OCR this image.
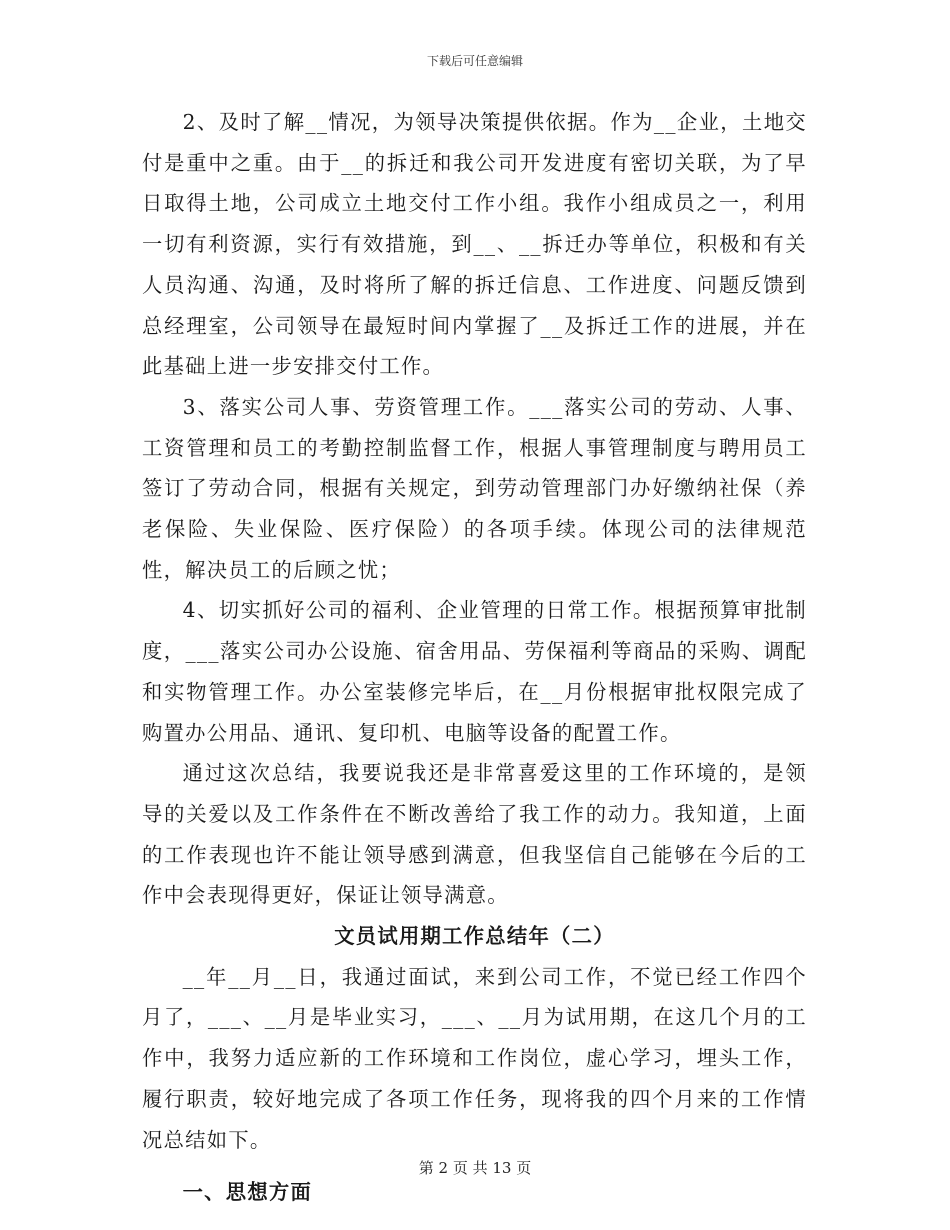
下载后可任意编辑

2、及时了解__情况，为领导决策提供依据。作为__企业，土地交付是重中之重。由于__的拆迁和我公司开发进度有密切关联，为了早日取得土地，公司成立土地交付工作小组。我作小组成员之一，利用一切有利资源，实行有效措施，到__、__拆迁办等单位，积极和有关人员沟通、沟通，及时将所了解的拆迁信息、工作进度、问题反馈到总经理室，公司领导在最短时间内掌握了__及拆迁工作的进展，并在此基础上进一步安排交付工作。

3、落实公司人事、劳资管理工作。___落实公司的劳动、人事、工资管理和员工的考勤控制监督工作，根据人事管理制度与聘用员工签订了劳动合同，根据有关规定，到劳动管理部门办好缴纳社保（养老保险、失业保险、医疗保险）的各项手续。体现公司的法律规范性，解决员工的后顾之忧；

4、切实抓好公司的福利、企业管理的日常工作。根据预算审批制度，___落实公司办公设施、宿舍用品、劳保福利等商品的采购、调配和实物管理工作。办公室装修完毕后，在__月份根据审批权限完成了购置办公用品、通讯、复印机、电脑等设备的配置工作。

通过这次总结，我要说我还是非常喜爱这里的工作环境的，是领导的关爱以及工作条件在不断改善给了我工作的动力。我知道，上面的工作表现也许不能让领导感到满意，但我坚信自己能够在今后的工作中会表现得更好，保证让领导满意。

文员试用期工作总结年（二）

__年__月__日，我通过面试，来到公司工作，不觉已经工作四个月了，___、__月是毕业实习，___、__月为试用期，在这几个月的工作中，我努力适应新的工作环境和工作岗位，虚心学习，埋头工作，履行职责，较好地完成了各项工作任务，现将我的四个月来的工作情况总结如下。

一、思想方面

第 2 页 共 13 页
